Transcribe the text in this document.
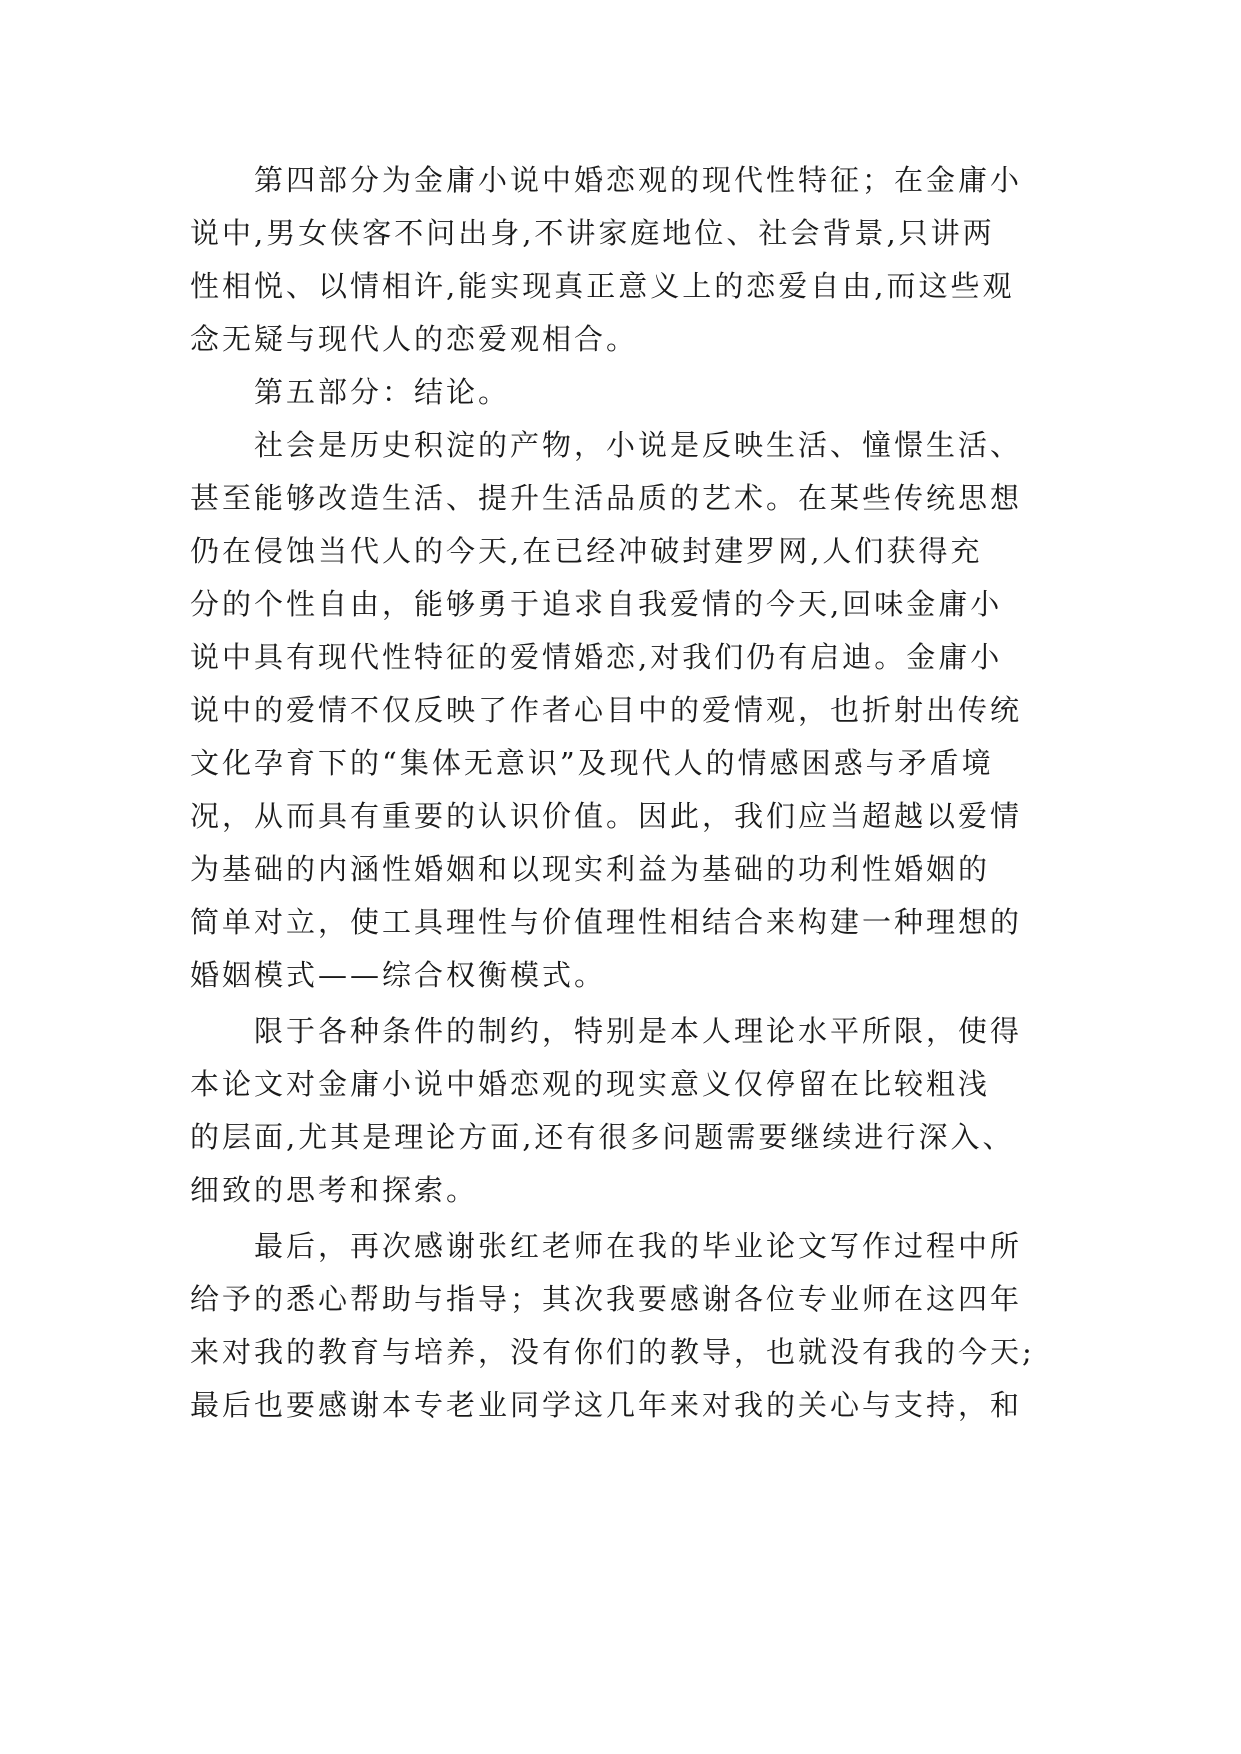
第四部分为金庸小说中婚恋观的现代性特征；在金庸小
说中,男女侠客不问出身,不讲家庭地位、社会背景,只讲两
性相悦、以情相许,能实现真正意义上的恋爱自由,而这些观
念无疑与现代人的恋爱观相合。
第五部分：结论。
社会是历史积淀的产物，小说是反映生活、憧憬生活、
甚至能够改造生活、提升生活品质的艺术。在某些传统思想
仍在侵蚀当代人的今天,在已经冲破封建罗网,人们获得充
分的个性自由，能够勇于追求自我爱情的今天,回味金庸小
说中具有现代性特征的爱情婚恋,对我们仍有启迪。金庸小
说中的爱情不仅反映了作者心目中的爱情观，也折射出传统
文化孕育下的“集体无意识”及现代人的情感困惑与矛盾境
况，从而具有重要的认识价值。因此，我们应当超越以爱情
为基础的内涵性婚姻和以现实利益为基础的功利性婚姻的
简单对立，使工具理性与价值理性相结合来构建一种理想的
婚姻模式——综合权衡模式。
限于各种条件的制约，特别是本人理论水平所限，使得
本论文对金庸小说中婚恋观的现实意义仅停留在比较粗浅
的层面,尤其是理论方面,还有很多问题需要继续进行深入、
细致的思考和探索。
最后，再次感谢张红老师在我的毕业论文写作过程中所
给予的悉心帮助与指导；其次我要感谢各位专业师在这四年
来对我的教育与培养，没有你们的教导，也就没有我的今天;
最后也要感谢本专老业同学这几年来对我的关心与支持，和
